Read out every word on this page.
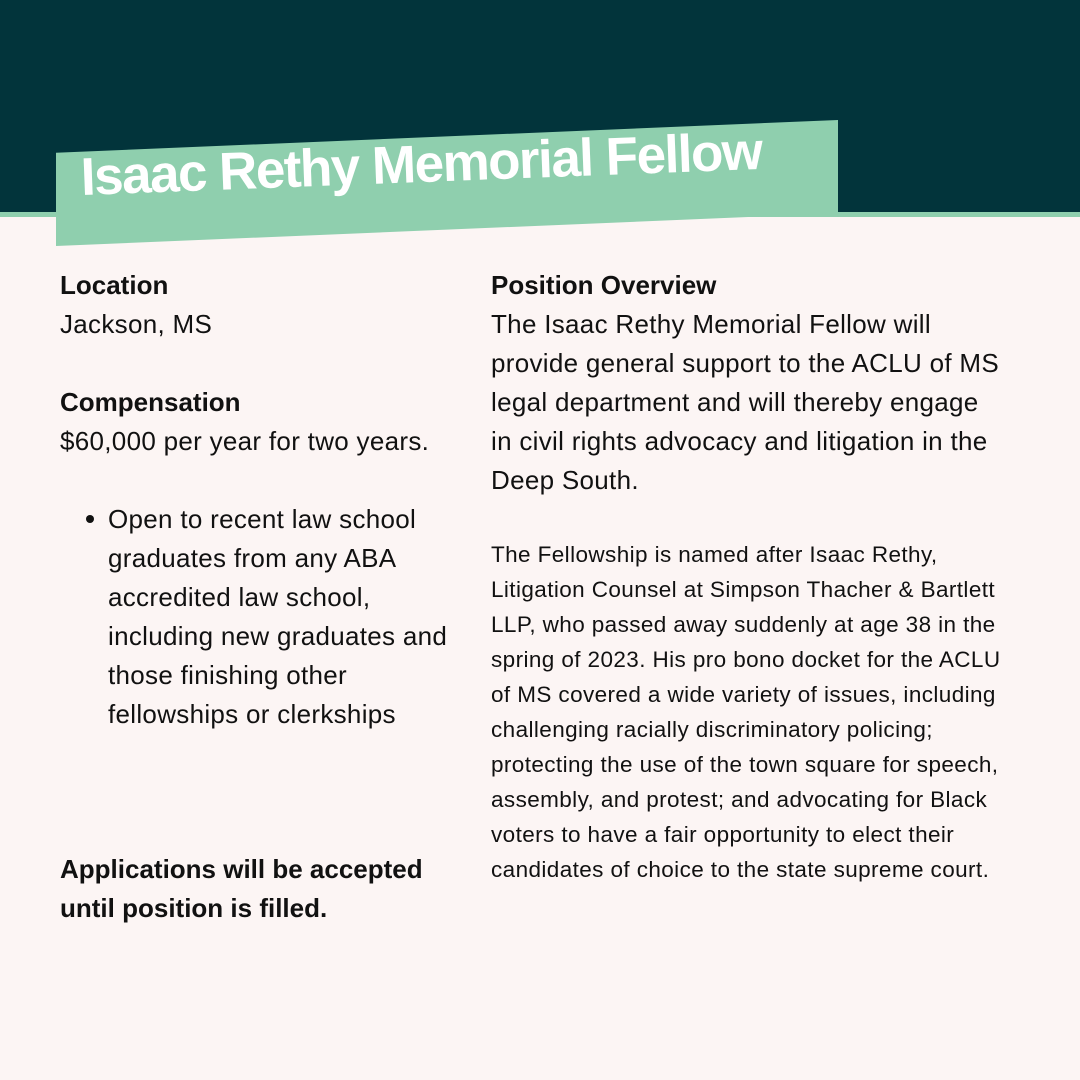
Isaac Rethy Memorial Fellow

Location

Jackson, MS

Compensation

$60,000 per year for two years.

Open to recent law school graduates from any ABA accredited law school, including new graduates and those finishing other fellowships or clerkships

Applications will be accepted until position is filled.

Position Overview

The Isaac Rethy Memorial Fellow will provide general support to the ACLU of MS legal department and will thereby engage in civil rights advocacy and litigation in the Deep South.

The Fellowship is named after Isaac Rethy, Litigation Counsel at Simpson Thacher & Bartlett LLP, who passed away suddenly at age 38 in the spring of 2023. His pro bono docket for the ACLU of MS covered a wide variety of issues, including challenging racially discriminatory policing; protecting the use of the town square for speech, assembly, and protest; and advocating for Black voters to have a fair opportunity to elect their candidates of choice to the state supreme court.
